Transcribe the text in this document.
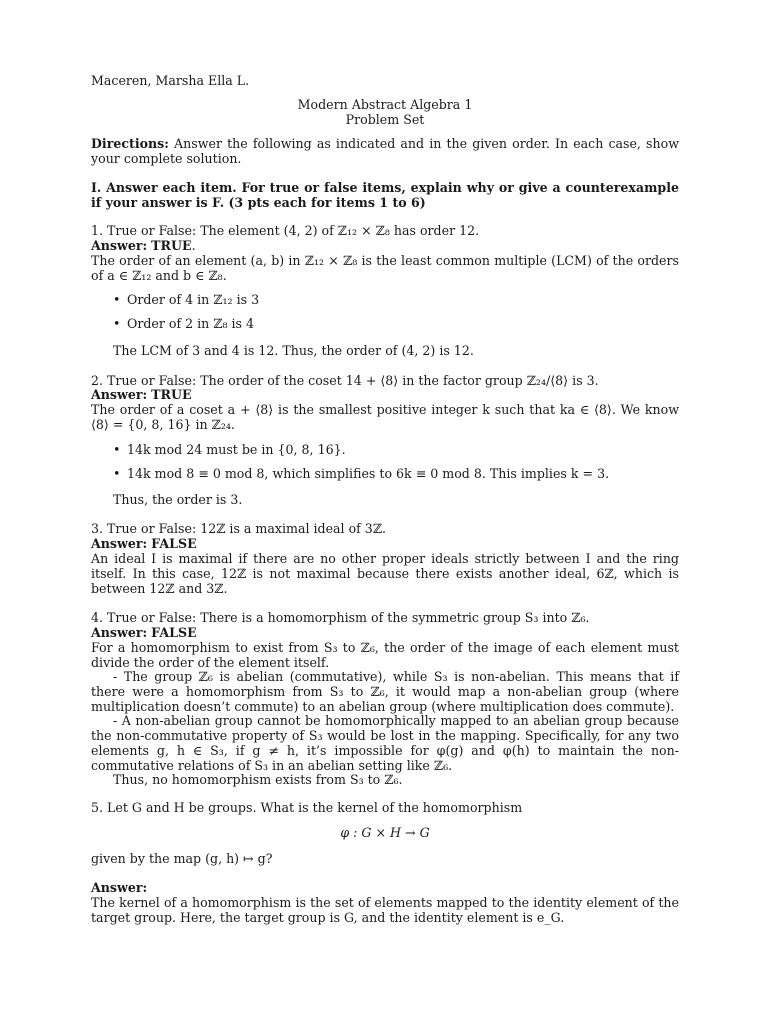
Maceren, Marsha Ella L.

Modern Abstract Algebra 1

Problem Set

Directions: Answer the following as indicated and in the given order. In each case, show your complete solution.

I. Answer each item. For true or false items, explain why or give a counterexample if your answer is F. (3 pts each for items 1 to 6)

1. True or False: The element (4, 2) of ℤ₁₂ × ℤ₈ has order 12.

Answer: TRUE.

The order of an element (a, b) in ℤ₁₂ × ℤ₈ is the least common multiple (LCM) of the orders of a ∈ ℤ₁₂ and b ∈ ℤ₈.

• Order of 4 in ℤ₁₂ is 3
• Order of 2 in ℤ₈ is 4

The LCM of 3 and 4 is 12. Thus, the order of (4, 2) is 12.

2. True or False: The order of the coset 14 + ⟨8⟩ in the factor group ℤ₂₄/⟨8⟩ is 3.

Answer: TRUE

The order of a coset a + ⟨8⟩ is the smallest positive integer k such that ka ∈ ⟨8⟩. We know ⟨8⟩ = {0, 8, 16} in ℤ₂₄.

• 14k mod 24 must be in {0, 8, 16}.
• 14k mod 8 ≡ 0 mod 8, which simplifies to 6k ≡ 0 mod 8. This implies k = 3.

Thus, the order is 3.

3. True or False: 12ℤ is a maximal ideal of 3ℤ.

Answer: FALSE

An ideal I is maximal if there are no other proper ideals strictly between I and the ring itself. In this case, 12ℤ is not maximal because there exists another ideal, 6ℤ, which is between 12ℤ and 3ℤ.

4. True or False: There is a homomorphism of the symmetric group S₃ into ℤ₆.

Answer: FALSE

For a homomorphism to exist from S₃ to ℤ₆, the order of the image of each element must divide the order of the element itself.

- The group ℤ₆ is abelian (commutative), while S₃ is non-abelian. This means that if there were a homomorphism from S₃ to ℤ₆, it would map a non-abelian group (where multiplication doesn’t commute) to an abelian group (where multiplication does commute).

- A non-abelian group cannot be homomorphically mapped to an abelian group because the non-commutative property of S₃ would be lost in the mapping. Specifically, for any two elements g, h ∈ S₃, if g ≠ h, it’s impossible for φ(g) and φ(h) to maintain the non-commutative relations of S₃ in an abelian setting like ℤ₆.

Thus, no homomorphism exists from S₃ to ℤ₆.

5. Let G and H be groups. What is the kernel of the homomorphism

φ : G × H → G

given by the map (g, h) ↦ g?

Answer:

The kernel of a homomorphism is the set of elements mapped to the identity element of the target group. Here, the target group is G, and the identity element is e_G.
